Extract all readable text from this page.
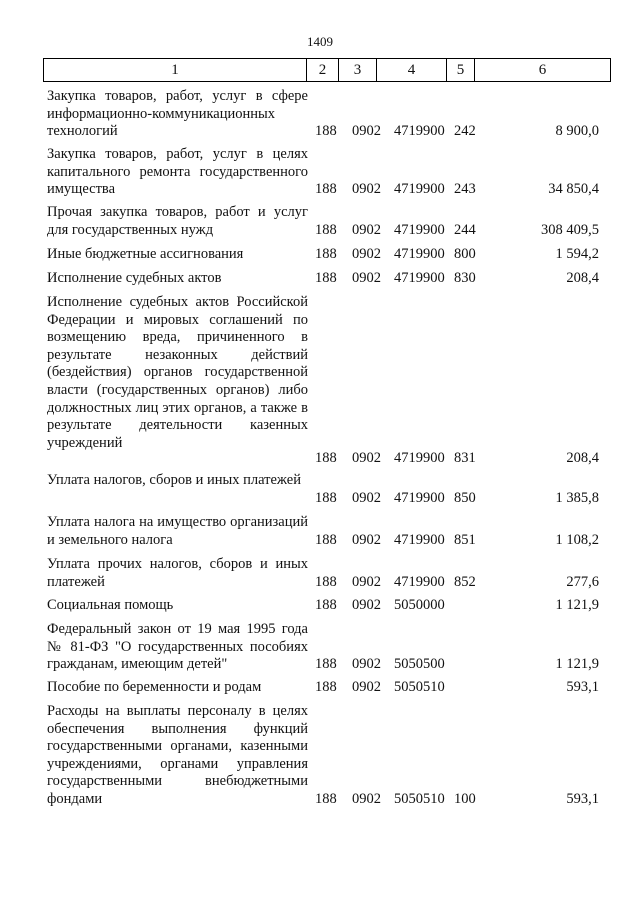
1409
1	2	3	4	5	6
Закупка товаров, работ, услуг в сфере информационно-коммуникационных технологий	188 0902 4719900 242	8 900,0
Закупка товаров, работ, услуг в целях капитального ремонта государственного имущества	188 0902 4719900 243	34 850,4
Прочая закупка товаров, работ и услуг для государственных нужд	188 0902 4719900 244	308 409,5
Иные бюджетные ассигнования	188 0902 4719900 800	1 594,2
Исполнение судебных актов	188 0902 4719900 830	208,4
Исполнение судебных актов Российской Федерации и мировых соглашений по возмещению вреда, причиненного в результате незаконных действий (бездействия) органов государственной власти (государственных органов) либо должностных лиц этих органов, а также в результате деятельности казенных учреждений
188 0902 4719900 831	208,4
Уплата налогов, сборов и иных платежей
188 0902 4719900 850	1 385,8
Уплата налога на имущество организаций и земельного налога	188 0902 4719900 851	1 108,2
Уплата прочих налогов, сборов и иных платежей	188 0902 4719900 852	277,6
Социальная помощь	188 0902 5050000	1 121,9
Федеральный закон от 19 мая 1995 года № 81-ФЗ "О государственных пособиях гражданам, имеющим детей"	188 0902 5050500	1 121,9
Пособие по беременности и родам	188 0902 5050510	593,1
Расходы на выплаты персоналу в целях обеспечения выполнения функций государственными органами, казенными учреждениями, органами управления государственными внебюджетными фондами	188 0902 5050510 100	593,1
